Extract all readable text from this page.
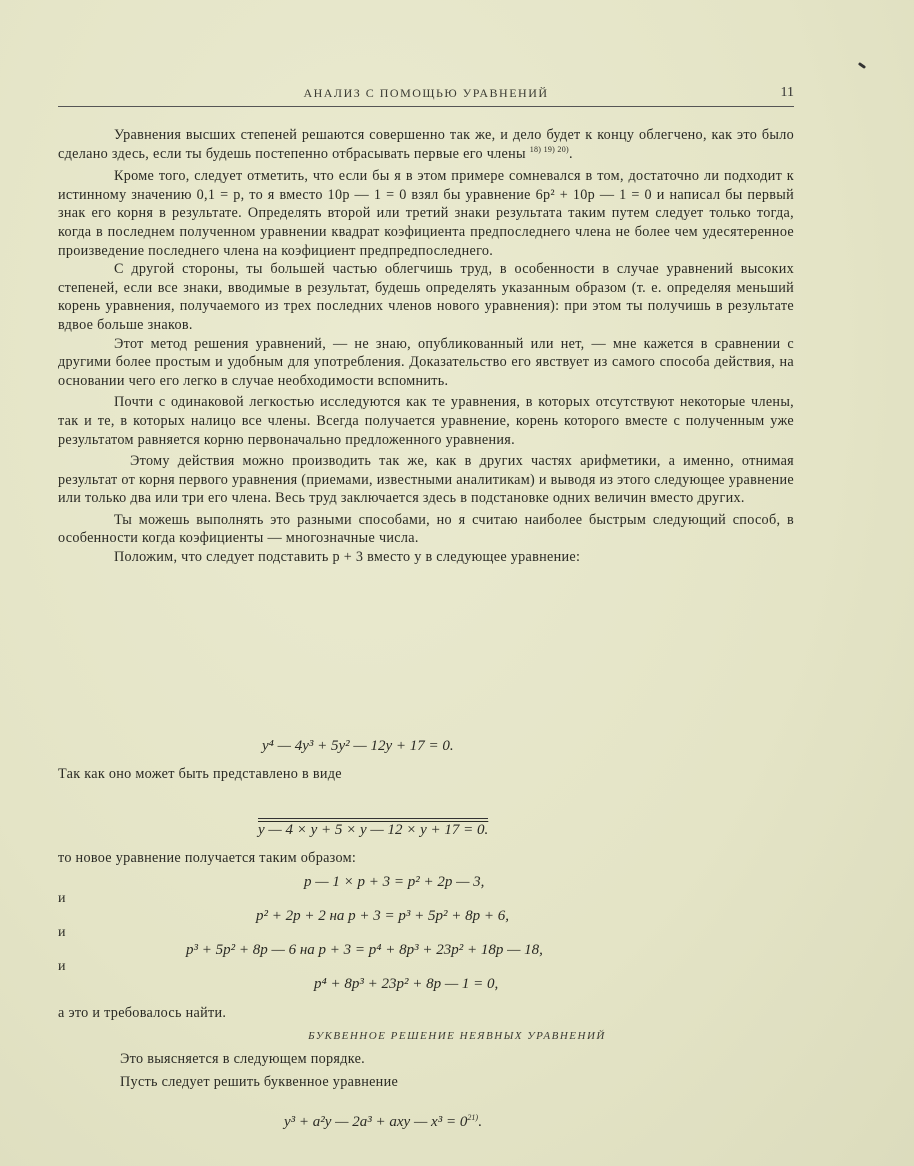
АНАЛИЗ С ПОМОЩЬЮ УРАВНЕНИЙ	11

Уравнения высших степеней решаются совершенно так же, и дело будет к концу облегчено, как это было сделано здесь, если ты будешь постепенно отбрасывать первые его члены $^{18) 19) 20)}$.

Кроме того, следует отметить, что если бы я в этом примере сомневался в том, достаточно ли подходит к истинному значению 0,1 = p, то я вместо 10p — 1 = 0 взял бы уравнение 6p² + 10p — 1 = 0 и написал бы первый знак его корня в результате. Определять второй или третий знаки результата таким путем следует только тогда, когда в последнем полученном уравнении квадрат коэфициента предпоследнего члена не более чем удесятеренное произведение последнего члена на коэфициент предпредпоследнего.

С другой стороны, ты большей частью облегчишь труд, в особенности в случае уравнений высоких степеней, если все знаки, вводимые в результат, будешь определять указанным образом (т. е. определяя меньший корень уравнения, получаемого из трех последних членов нового уравнения): при этом ты получишь в результате вдвое больше знаков.

Этот метод решения уравнений, — не знаю, опубликованный или нет, — мне кажется в сравнении с другими более простым и удобным для употребления. Доказательство его явствует из самого способа действия, на основании чего его легко в случае необходимости вспомнить.

Почти с одинаковой легкостью исследуются как те уравнения, в которых отсутствуют некоторые члены, так и те, в которых налицо все члены. Всегда получается уравнение, корень которого вместе с полученным уже результатом равняется корню первоначально предложенного уравнения.

Этому действия можно производить так же, как в других частях арифметики, а именно, отнимая результат от корня первого уравнения (приемами, известными аналитикам) и выводя из этого следующее уравнение или только два или три его члена. Весь труд заключается здесь в подстановке одних величин вместо других.

Ты можешь выполнять это разными способами, но я считаю наиболее быстрым следующий способ, в особенности когда коэфициенты — многозначные числа.

Положим, что следует подставить p + 3 вместо y в следующее уравнение:

y⁴ — 4y³ + 5y² — 12y + 17 = 0.

Так как оно может быть представлено в виде

y — 4 × y + 5 × y — 12 × y + 17 = 0.

то новое уравнение получается таким образом:

p — 1 × p + 3 = p² + 2p — 3,
и
p² + 2p + 2 на p + 3 = p³ + 5p² + 8p + 6,
и
p³ + 5p² + 8p — 6 на p + 3 = p⁴ + 8p³ + 23p² + 18p — 18,
и
p⁴ + 8p³ + 23p² + 8p — 1 = 0,

а это и требовалось найти.

БУКВЕННОЕ РЕШЕНИЕ НЕЯВНЫХ УРАВНЕНИЙ

Это выясняется в следующем порядке.

Пусть следует решить буквенное уравнение

y³ + a²y — 2a³ + axy — $x^3 = 0^{21)}$.
